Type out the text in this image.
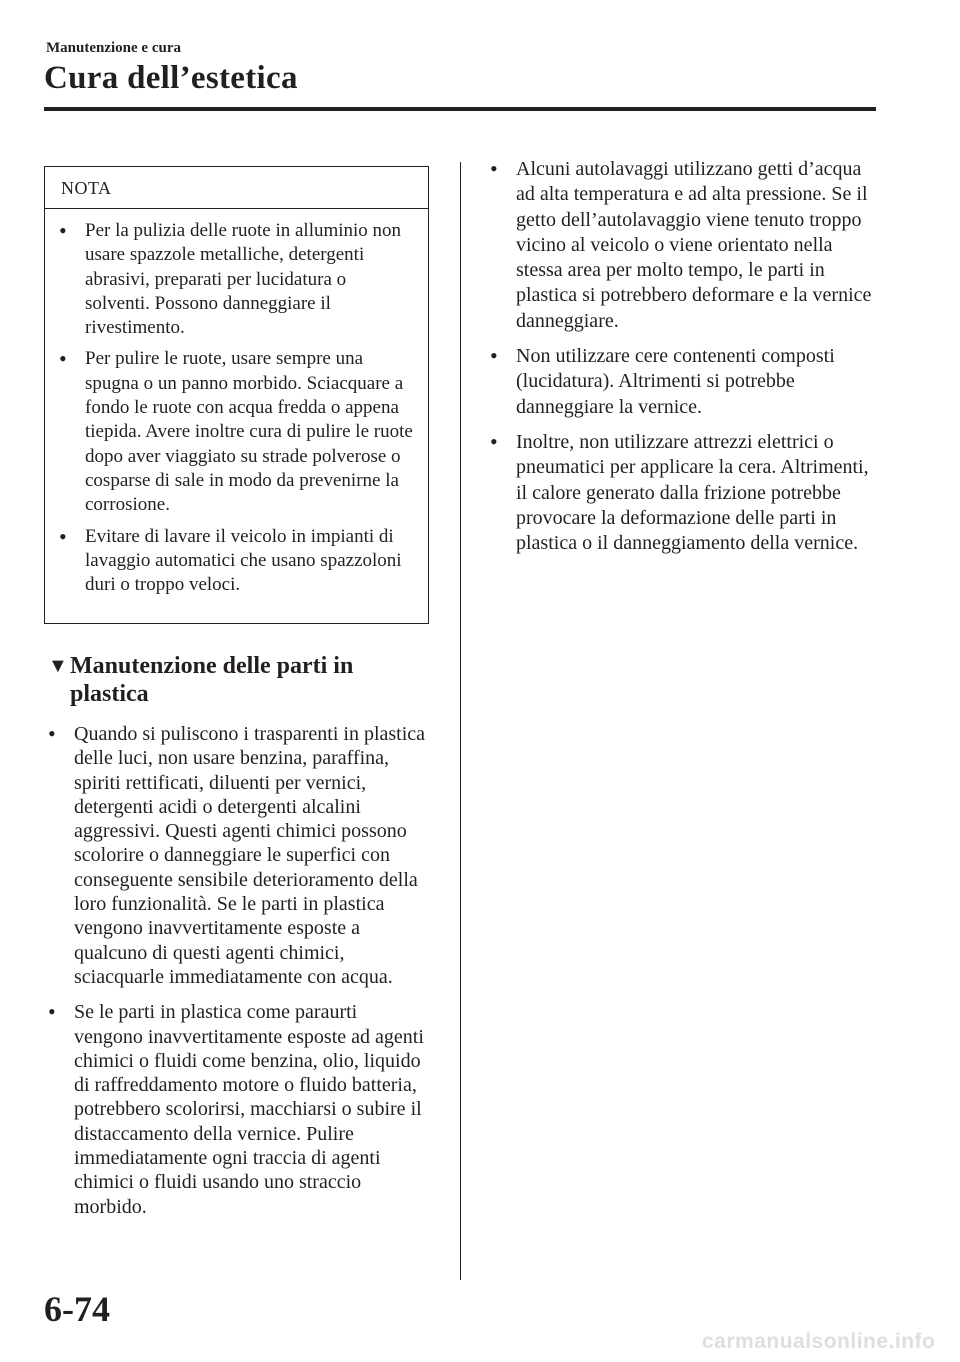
Manutenzione e cura
Cura dell’estetica
NOTA
• Per la pulizia delle ruote in alluminio non usare spazzole metalliche, detergenti abrasivi, preparati per lucidatura o solventi. Possono danneggiare il rivestimento.
• Per pulire le ruote, usare sempre una spugna o un panno morbido. Sciacquare a fondo le ruote con acqua fredda o appena tiepida. Avere inoltre cura di pulire le ruote dopo aver viaggiato su strade polverose o cosparse di sale in modo da prevenirne la corrosione.
• Evitare di lavare il veicolo in impianti di lavaggio automatici che usano spazzoloni duri o troppo veloci.
▼Manutenzione delle parti in
plastica
• Quando si puliscono i trasparenti in plastica delle luci, non usare benzina, paraffina, spiriti rettificati, diluenti per vernici, detergenti acidi o detergenti alcalini aggressivi. Questi agenti chimici possono scolorire o danneggiare le superfici con conseguente sensibile deterioramento della loro funzionalità. Se le parti in plastica vengono inavvertitamente esposte a qualcuno di questi agenti chimici, sciacquarle immediatamente con acqua.
• Se le parti in plastica come paraurti vengono inavvertitamente esposte ad agenti chimici o fluidi come benzina, olio, liquido di raffreddamento motore o fluido batteria, potrebbero scolorirsi, macchiarsi o subire il distaccamento della vernice. Pulire immediatamente ogni traccia di agenti chimici o fluidi usando uno straccio morbido.
• Alcuni autolavaggi utilizzano getti d’acqua ad alta temperatura e ad alta pressione. Se il getto dell’autolavaggio viene tenuto troppo vicino al veicolo o viene orientato nella stessa area per molto tempo, le parti in plastica si potrebbero deformare e la vernice danneggiare.
• Non utilizzare cere contenenti composti (lucidatura). Altrimenti si potrebbe danneggiare la vernice.
• Inoltre, non utilizzare attrezzi elettrici o pneumatici per applicare la cera. Altrimenti, il calore generato dalla frizione potrebbe provocare la deformazione delle parti in plastica o il danneggiamento della vernice.
6-74
carmanualsonline.info
